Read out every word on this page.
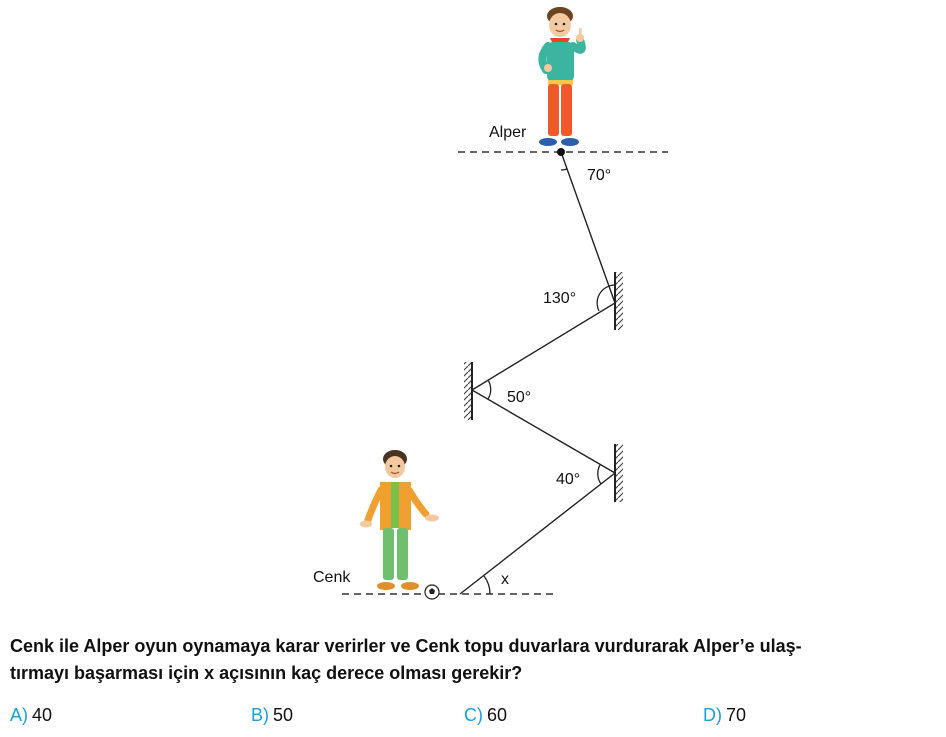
70°
130°
50°
40°
x
Alper
Cenk
Cenk ile Alper oyun oynamaya karar verirler ve Cenk topu duvarlara vurdurarak Alper’e ulaş-
tırmayı başarması için x açısının kaç derece olması gerekir?
A) 40	B) 50	C) 60	D) 70
